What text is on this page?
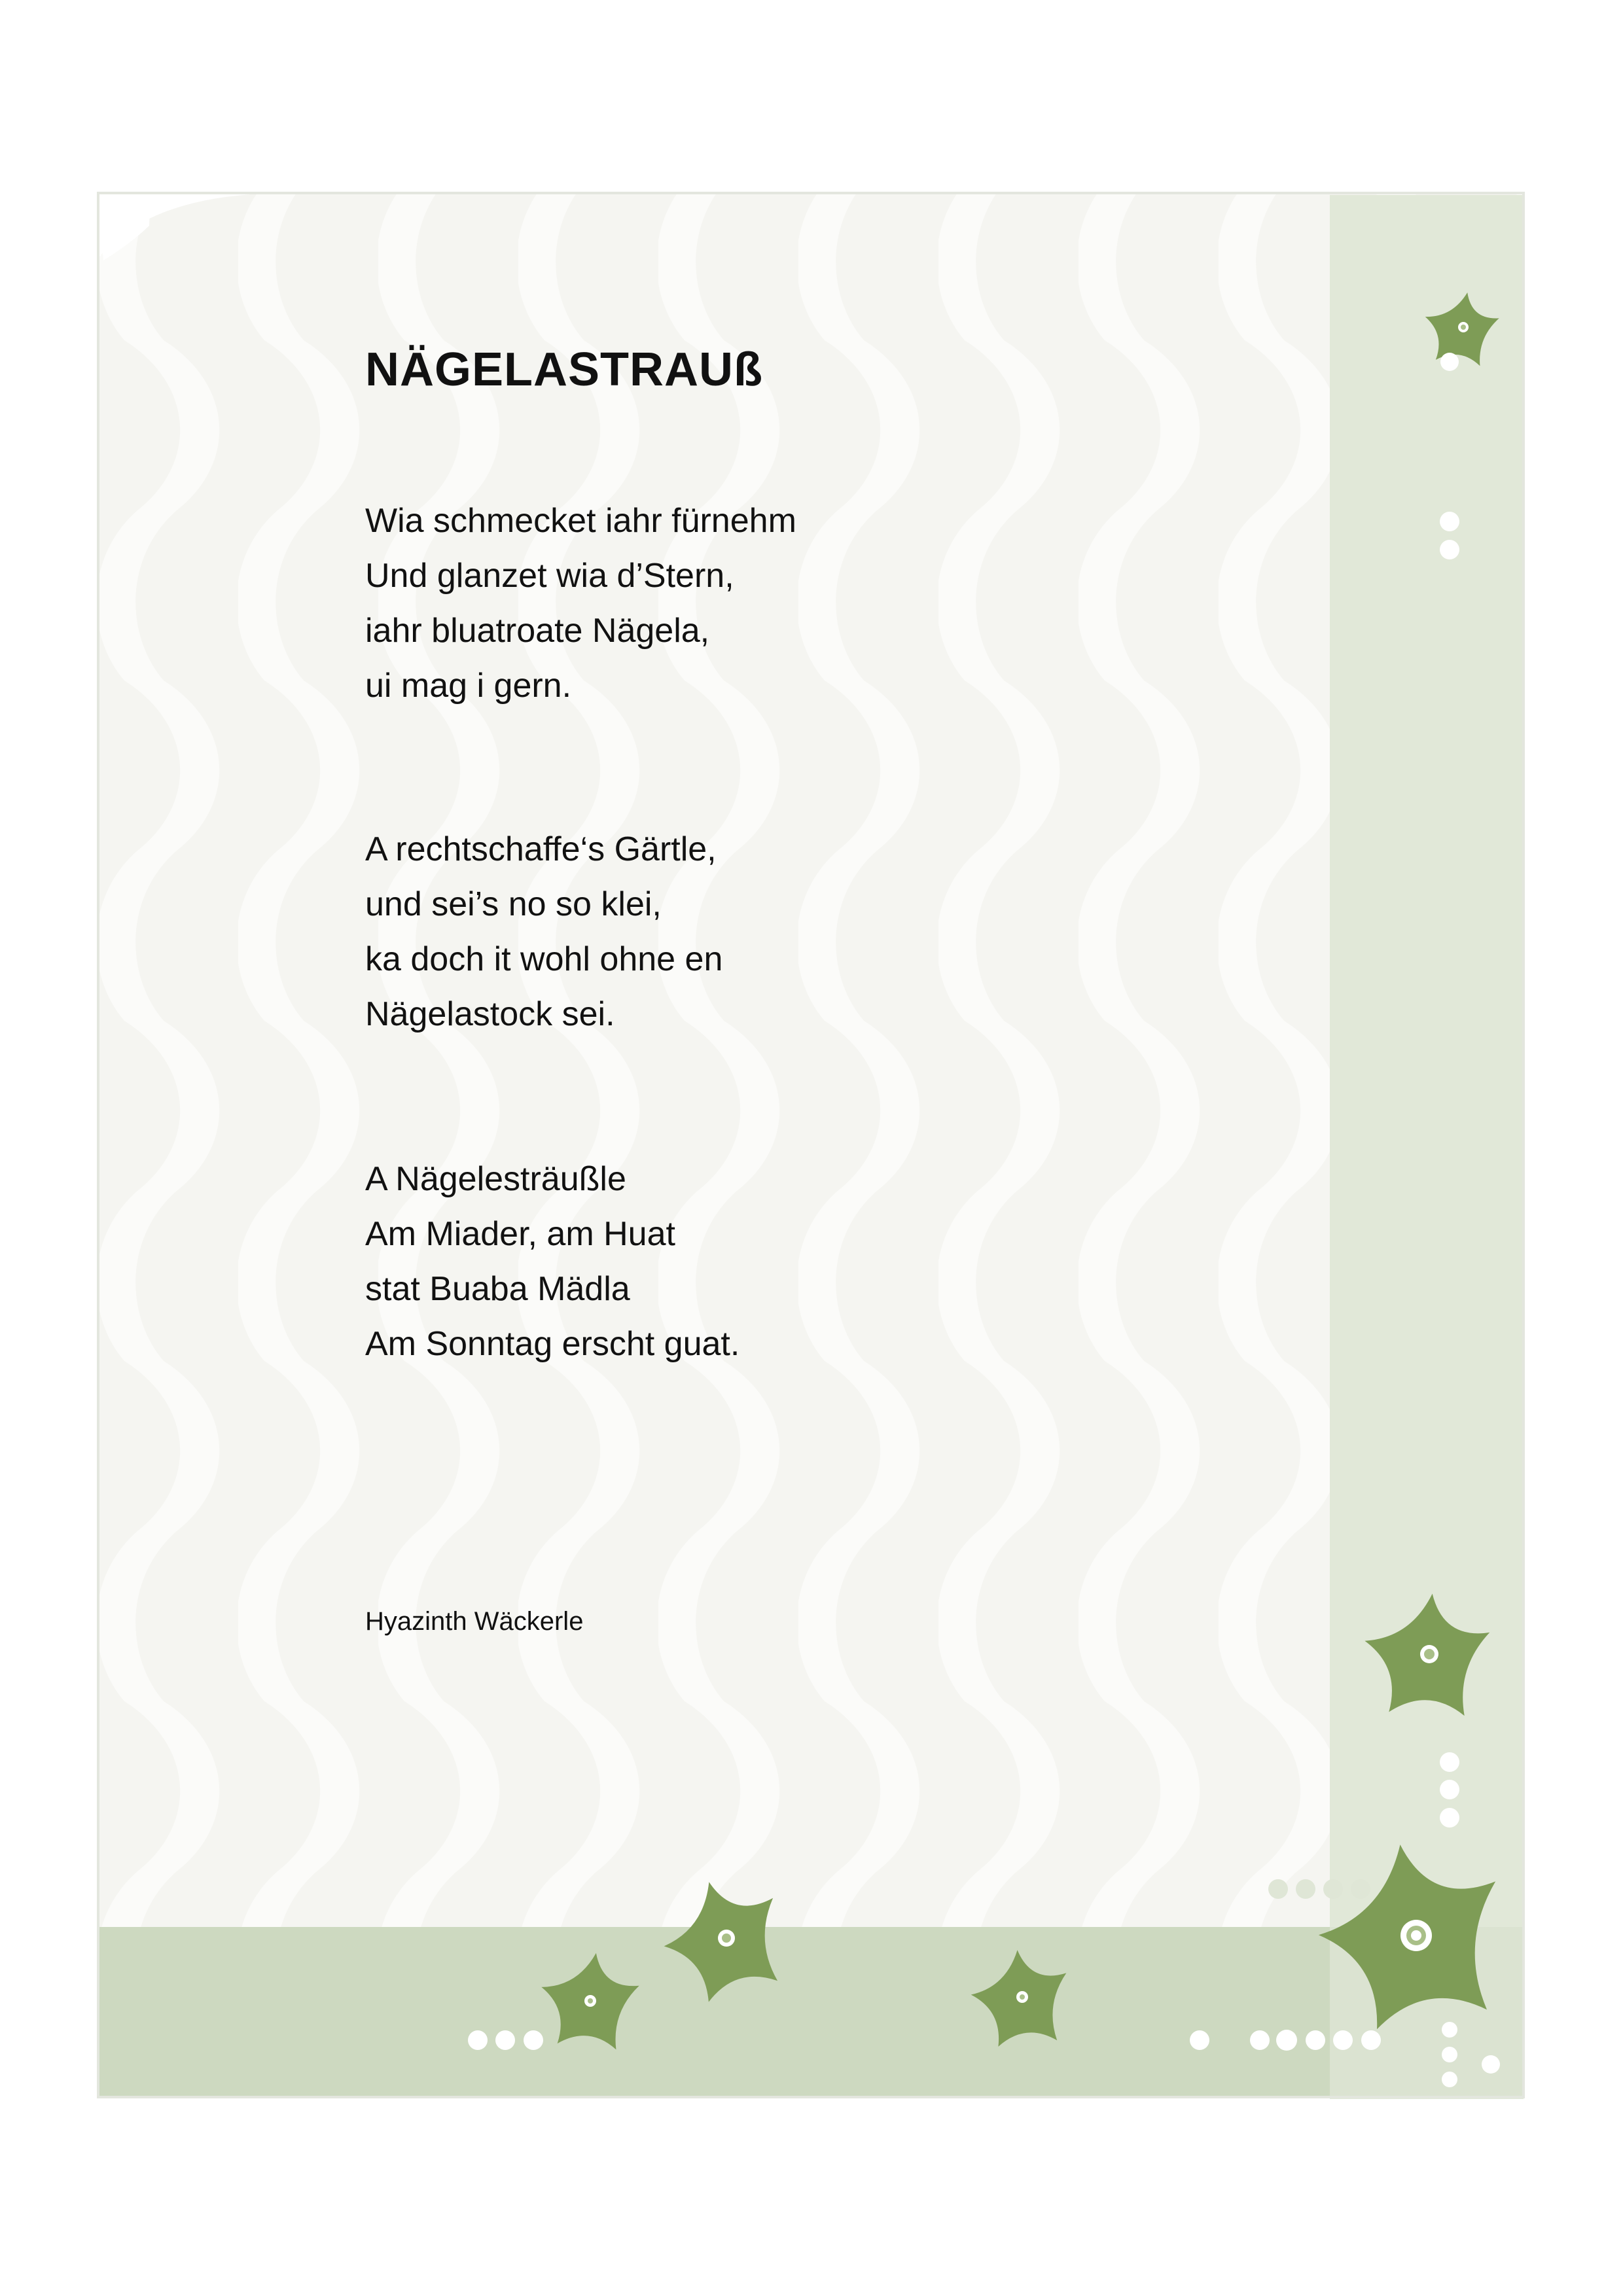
NÄGELASTRAUß
Wia schmecket iahr fürnehm
Und glanzet wia d’Stern,
iahr bluatroate Nägela,
ui mag i gern.
A rechtschaffe‘s Gärtle,
und sei’s no so klei,
ka doch it wohl ohne en
Nägelastock sei.
A Nägelesträußle
Am Miader, am Huat
stat Buaba Mädla
Am Sonntag erscht guat.
Hyazinth Wäckerle
